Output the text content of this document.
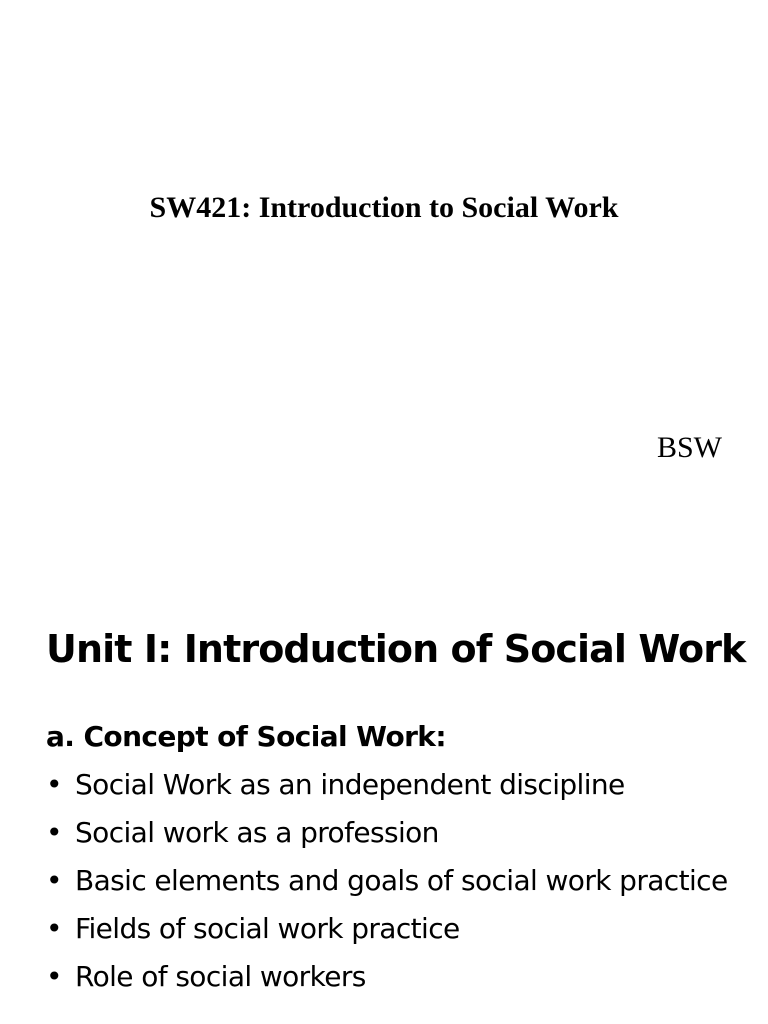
SW421: Introduction to Social Work

BSW

Unit I: Introduction of Social Work
a. Concept of Social Work:
• Social Work as an independent discipline
• Social work as a profession
• Basic elements and goals of social work practice
• Fields of social work practice
• Role of social workers
